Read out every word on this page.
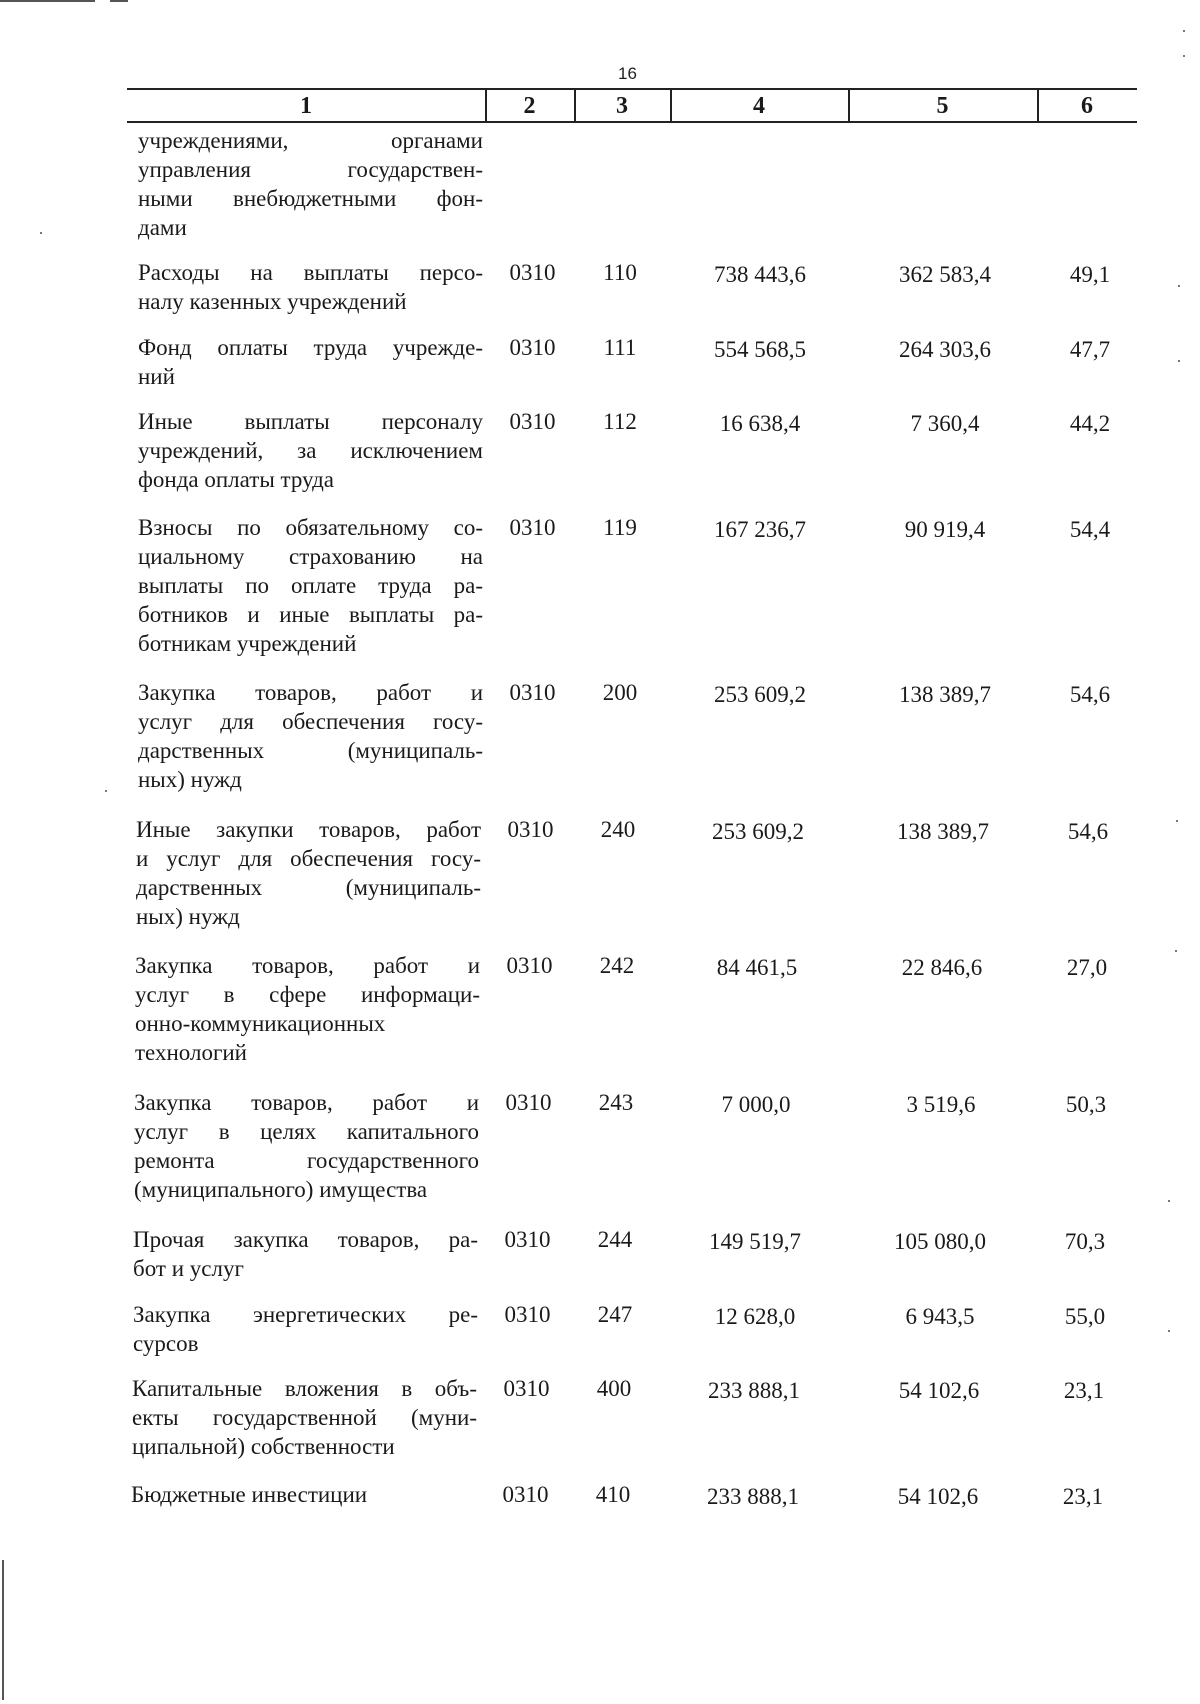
16
1	2	3	4	5	6
учреждениями, органами
управления государствен-
ными внебюджетными фон-
дами
Расходы на выплаты персо-
налу казенных учреждений
0310	110	738 443,6	362 583,4	49,1
Фонд оплаты труда учрежде-
ний
0310	111	554 568,5	264 303,6	47,7
Иные выплаты персоналу
учреждений, за исключением
фонда оплаты труда
0310	112	16 638,4	7 360,4	44,2
Взносы по обязательному со-
циальному страхованию на
выплаты по оплате труда ра-
ботников и иные выплаты ра-
ботникам учреждений
0310	119	167 236,7	90 919,4	54,4
Закупка товаров, работ и
услуг для обеспечения госу-
дарственных (муниципаль-
ных) нужд
0310	200	253 609,2	138 389,7	54,6
Иные закупки товаров, работ
и услуг для обеспечения госу-
дарственных (муниципаль-
ных) нужд
0310	240	253 609,2	138 389,7	54,6
Закупка товаров, работ и
услуг в сфере информаци-
онно-коммуникационных
технологий
0310	242	84 461,5	22 846,6	27,0
Закупка товаров, работ и
услуг в целях капитального
ремонта государственного
(муниципального) имущества
0310	243	7 000,0	3 519,6	50,3
Прочая закупка товаров, ра-
бот и услуг
0310	244	149 519,7	105 080,0	70,3
Закупка энергетических ре-
сурсов
0310	247	12 628,0	6 943,5	55,0
Капитальные вложения в объ-
екты государственной (муни-
ципальной) собственности
0310	400	233 888,1	54 102,6	23,1
Бюджетные инвестиции	0310	410	233 888,1	54 102,6	23,1
